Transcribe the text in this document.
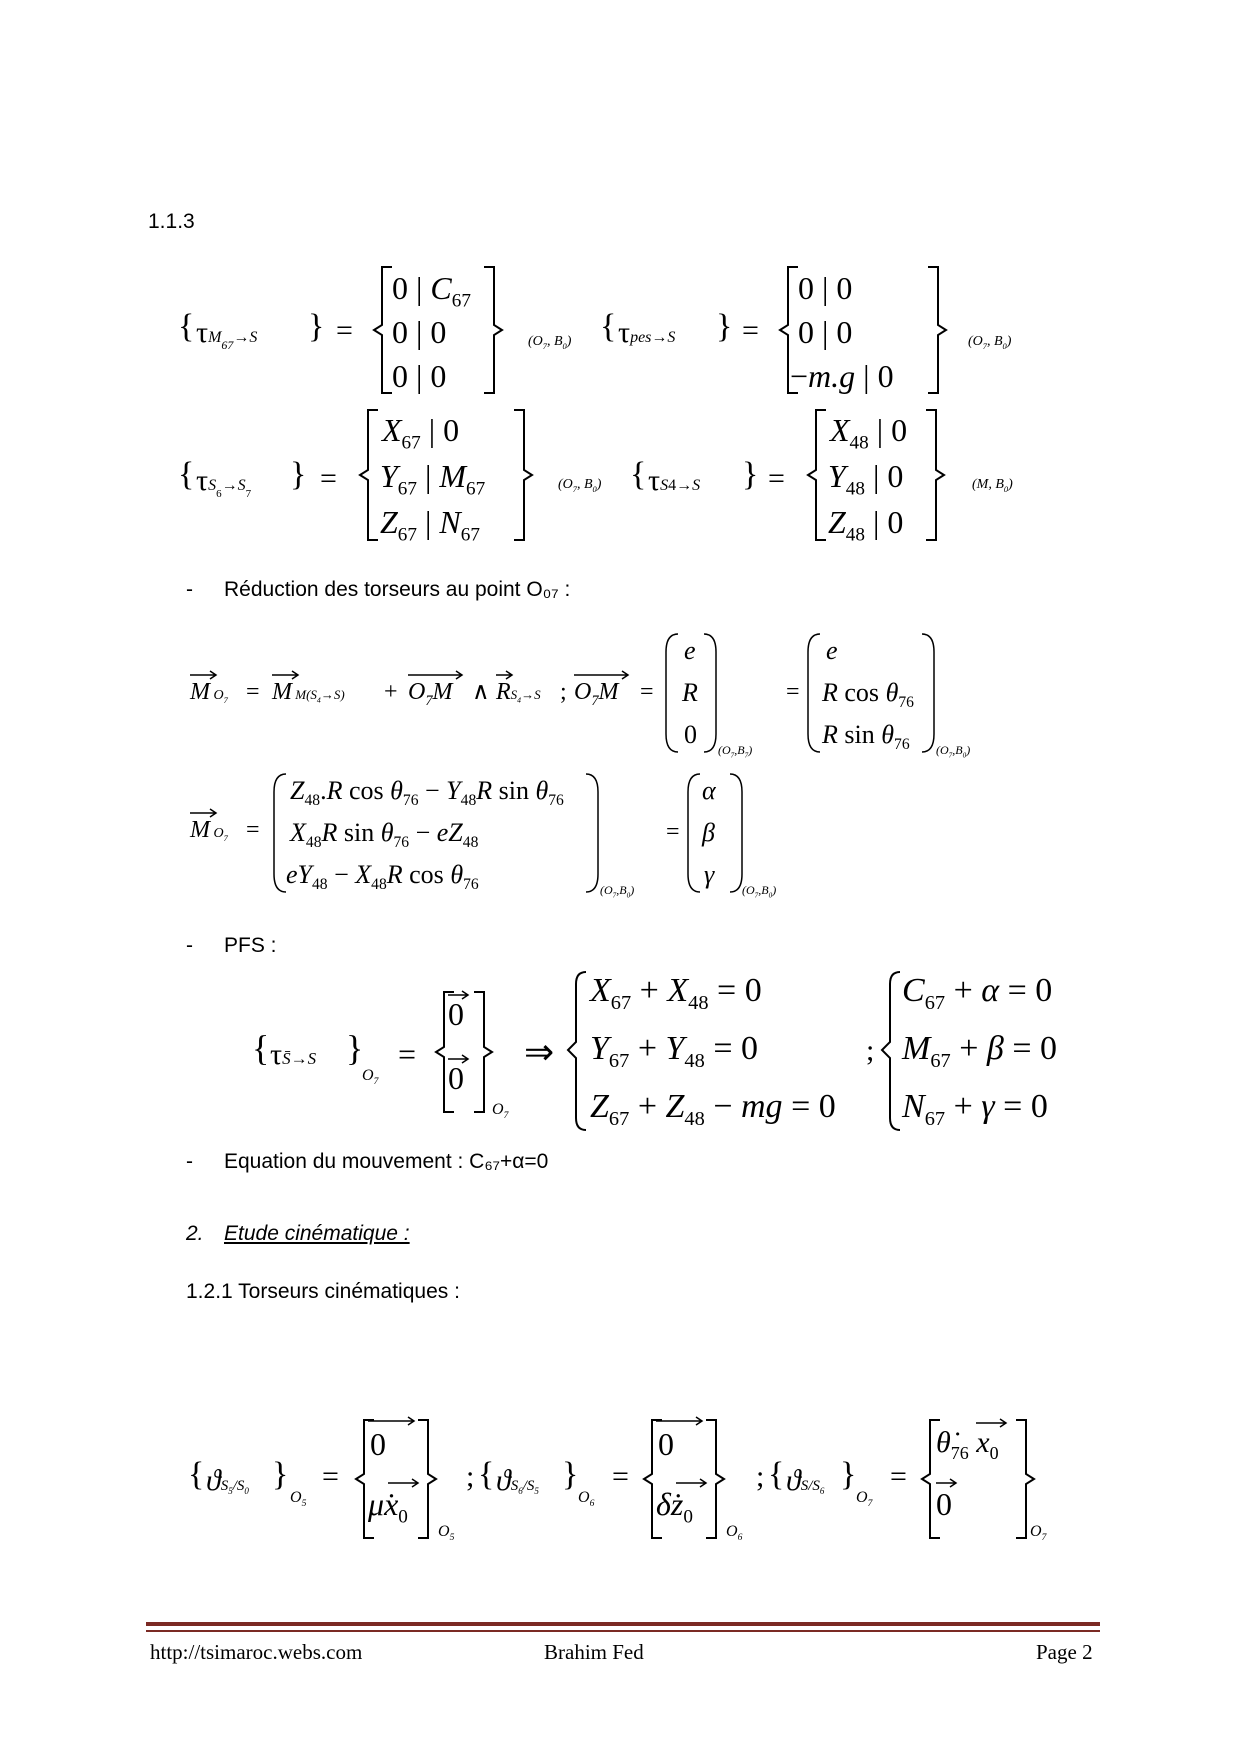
1.1.3
{ $\tau M_{67}\to S$ } =
0 | $C_{67}$
0 | 0
0 | 0
($O_7$, $B_0$) { τpes→S } =
0 | 0
0 | 0
−m.g | 0
($O_7$, $B_0$)
{ $\tau S_6\to S_7$
} =
$X_{67}$ | 0
$Y_{67}$ | $M_{67}$
$Z_{67}$ | $N_{67}$
($O_7$, $B_0$) { τS4→S } =
$X_{48}$ | 0
$Y_{48}$ | 0
$Z_{48}$ | 0
(M, $B_0$)
- Réduction des torseurs au point O₀₇ :
M $O_7 = M$ $M(S_4\to S) + O_7M$ ∧ $RS_4\to S$ ; $O_7M$ =
e
R
0
$(O_7,B_7)$
=
e
R $\cos \theta_{76}$
R $\sin \theta_{76}$ $(O_7,B_0)$
M $O_7$ =
$Z_{48}.R$ $\cos \theta_{76} - Y_{48}R$ $\sin \theta_{76}$
$X_{48}R$ $\sin \theta_{76} - eZ_{48}$
$eY_{48} - X_{48}R$ $\cos \theta_{76}$	$(O_7,B_0)$
=
α
β
γ
$(O_7,B_0)$
- PFS :
{ τS̄→S }
$O_7$
=
0
0
$O_7$
⇒
$X_{67} + X_{48} = 0$
$Y_{67} + Y_{48} = 0$
$Z_{67} + Z_{48}$ − mg = 0
;
$C_{67} + \alpha = 0$
$M_{67} + \beta = 0$
$N_{67} + \gamma = 0$
- Equation du mouvement : C₆₇+α=0
2. Etude cinématique :
1.2.1 Torseurs cinématiques :
{ $ϑS_5/S_0$ }
$O_5$
=
0
$\mu̇x_0$
$O_5$
; { $ϑS_6/S_5$ }
$O_6$
=
0
$\deltȧz_0$
$O_6$
; { $ϑS/S_6$ }
$O_7$
=
$\thetȧ_{76}$ $x_0$
0
$O_7$
http://tsimaroc.webs.com	Brahim Fed	Page 2
